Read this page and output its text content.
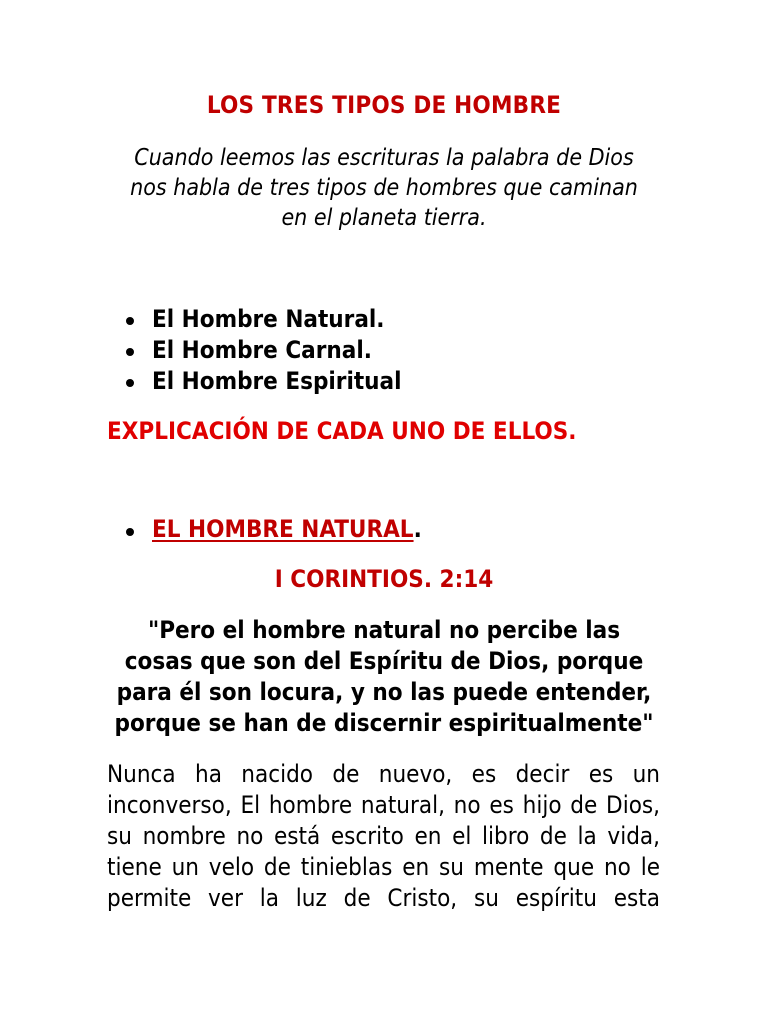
LOS TRES TIPOS DE HOMBRE

Cuando leemos las escrituras la palabra de Dios
nos habla de tres tipos de hombres que caminan
en el planeta tierra.

El Hombre Natural.
El Hombre Carnal.
El Hombre Espiritual
EXPLICACIÓN DE CADA UNO DE ELLOS.
EL HOMBRE NATURAL.
I CORINTIOS. 2:14

"Pero el hombre natural no percibe las
cosas que son del Espíritu de Dios, porque
para él son locura, y no las puede entender,
porque se han de discernir espiritualmente"

Nunca ha nacido de nuevo, es decir es un
inconverso, El hombre natural, no es hijo de Dios,
su nombre no está escrito en el libro de la vida,
tiene un velo de tinieblas en su mente que no le
permite ver la luz de Cristo, su espíritu esta
